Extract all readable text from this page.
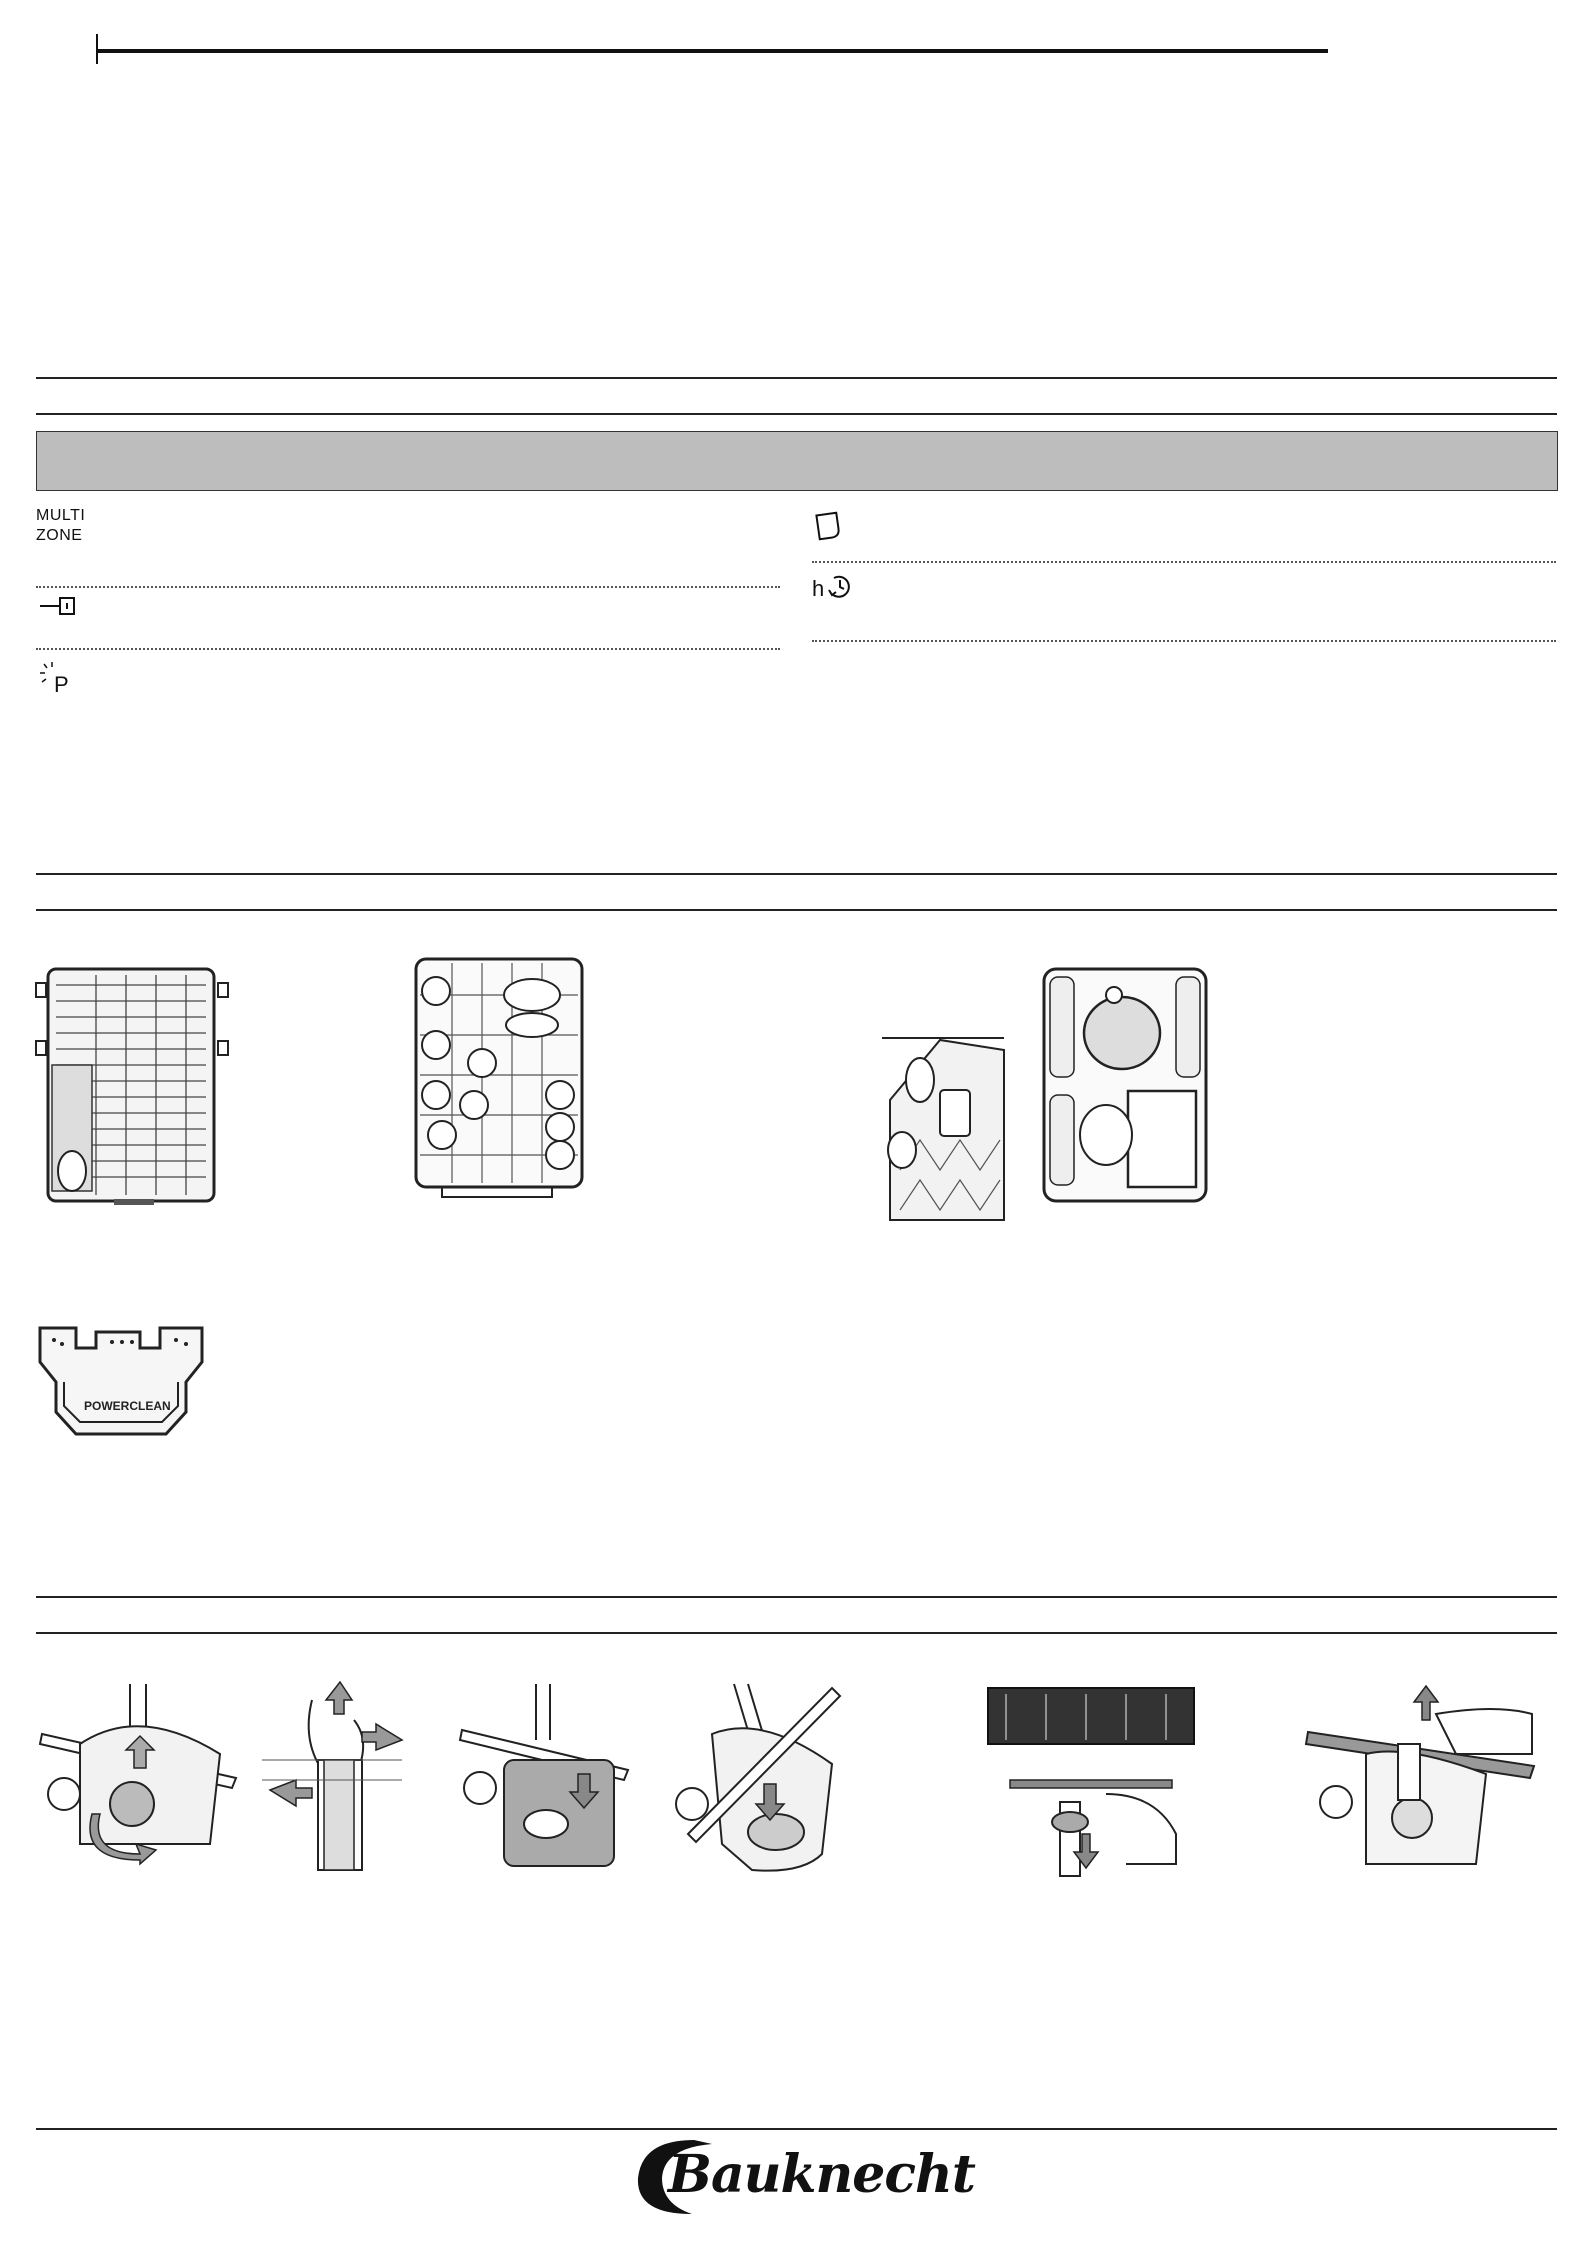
MULTI
ZONE
P
h
POWERCLEAN
Bauknecht
